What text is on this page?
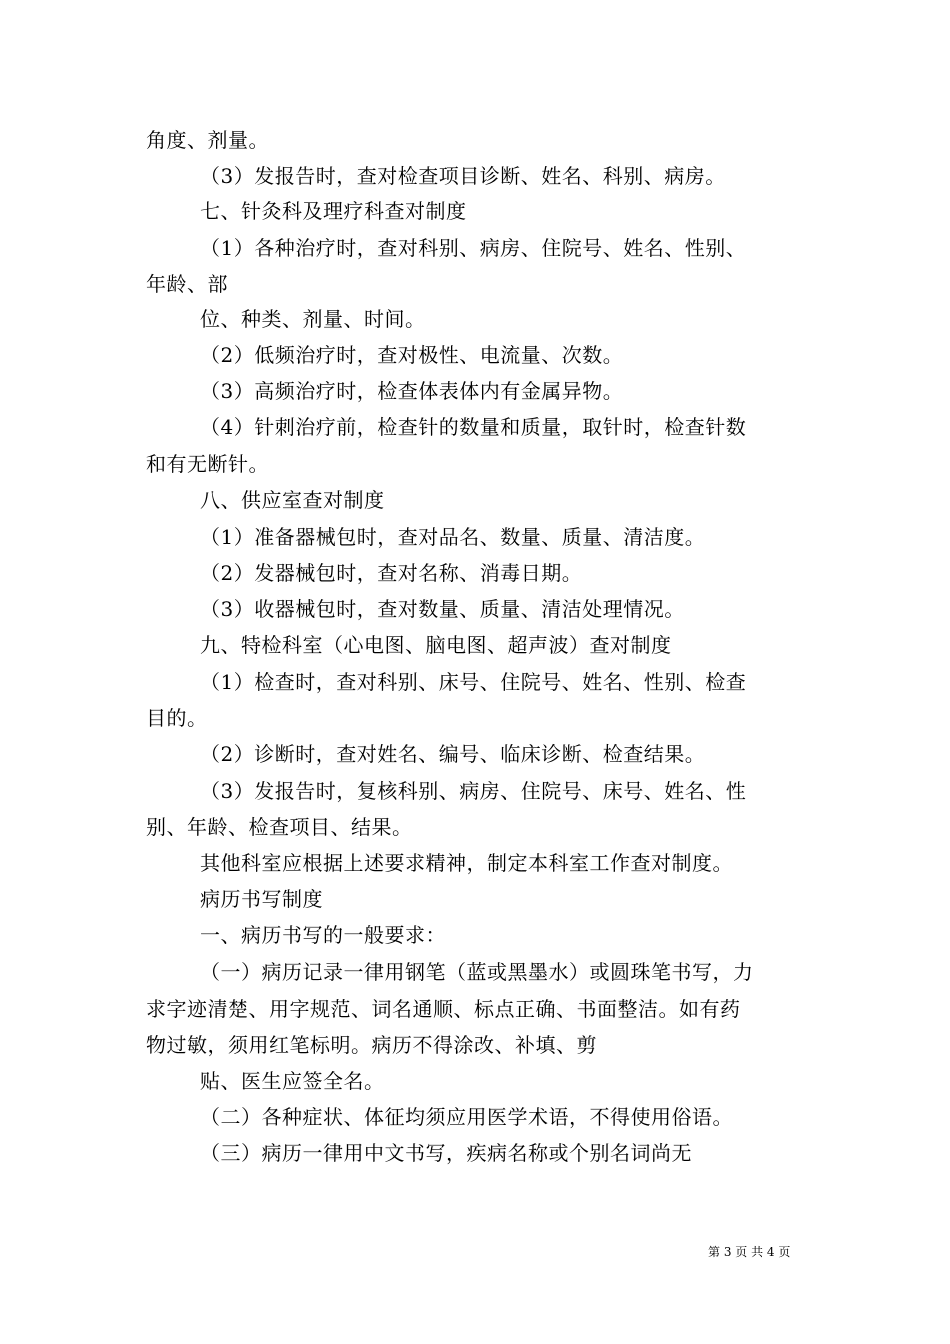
角度、剂量。
（3）发报告时，查对检查项目诊断、姓名、科别、病房。
七、针灸科及理疗科查对制度
（1）各种治疗时，查对科别、病房、住院号、姓名、性别、
年龄、部
位、种类、剂量、时间。
（2）低频治疗时，查对极性、电流量、次数。
（3）高频治疗时，检查体表体内有金属异物。
（4）针刺治疗前，检查针的数量和质量，取针时，检查针数
和有无断针。
八、供应室查对制度
（1）准备器械包时，查对品名、数量、质量、清洁度。
（2）发器械包时，查对名称、消毒日期。
（3）收器械包时，查对数量、质量、清洁处理情况。
九、特检科室（心电图、脑电图、超声波）查对制度
（1）检查时，查对科别、床号、住院号、姓名、性别、检查
目的。
（2）诊断时，查对姓名、编号、临床诊断、检查结果。
（3）发报告时，复核科别、病房、住院号、床号、姓名、性
别、年龄、检查项目、结果。
其他科室应根据上述要求精神，制定本科室工作查对制度。
病历书写制度
一、病历书写的一般要求：
（一）病历记录一律用钢笔（蓝或黑墨水）或圆珠笔书写，力
求字迹清楚、用字规范、词名通顺、标点正确、书面整洁。如有药
物过敏，须用红笔标明。病历不得涂改、补填、剪
贴、医生应签全名。
（二）各种症状、体征均须应用医学术语，不得使用俗语。
（三）病历一律用中文书写，疾病名称或个别名词尚无
第 3 页 共 4 页
